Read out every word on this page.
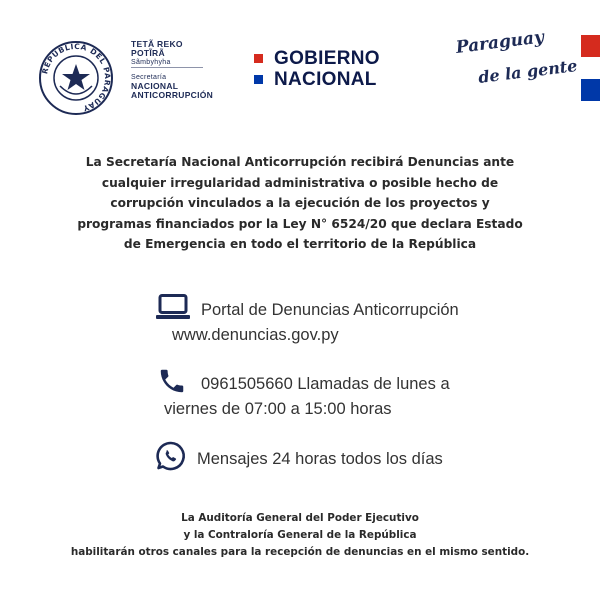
REPÚBLICA DEL PARAGUAY
TETÃ REKO
POTĨRÃ
Sãmbyhyha
Secretaría
NACIONAL
ANTICORRUPCIÓN
GOBIERNO
NACIONAL
Paraguay
de la gente
La Secretaría Nacional Anticorrupción recibirá Denuncias ante
cualquier irregularidad administrativa o posible hecho de
corrupción vinculados a la ejecución de los proyectos y
programas financiados por la Ley N° 6524/20 que declara Estado
de Emergencia en todo el territorio de la República
Portal de Denuncias Anticorrupción
www.denuncias.gov.py
0961505660 Llamadas de lunes a
viernes de 07:00 a 15:00 horas
Mensajes 24 horas todos los días
La Auditoría General del Poder Ejecutivo
y la Contraloría General de la República
habilitarán otros canales para la recepción de denuncias en el mismo sentido.
